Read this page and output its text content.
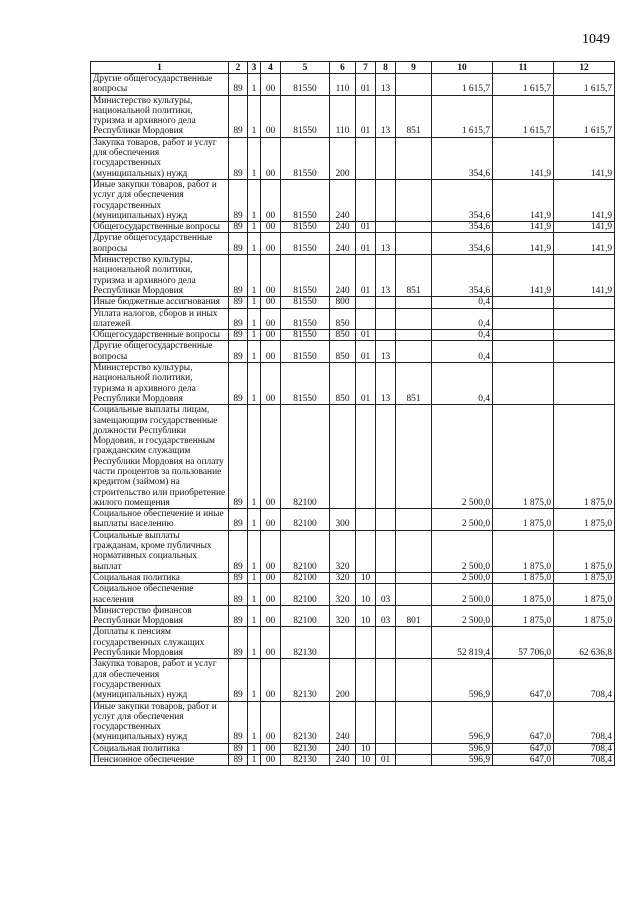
1049
1	2	3	4	5	6	7	8	9	10	11	12
Другие общегосударственные вопросы	89	1	00	81550	110	01	13		1 615,7	1 615,7	1 615,7
Министерство культуры, национальной политики, туризма и архивного дела Республики Мордовия	89	1	00	81550	110	01	13	851	1 615,7	1 615,7	1 615,7
Закупка товаров, работ и услуг для обеспечения государственных (муниципальных) нужд	89	1	00	81550	200				354,6	141,9	141,9
Иные закупки товаров, работ и услуг для обеспечения государственных (муниципальных) нужд	89	1	00	81550	240				354,6	141,9	141,9
Общегосударственные вопросы	89	1	00	81550	240	01			354,6	141,9	141,9
Другие общегосударственные вопросы	89	1	00	81550	240	01	13		354,6	141,9	141,9
Министерство культуры, национальной политики, туризма и архивного дела Республики Мордовия	89	1	00	81550	240	01	13	851	354,6	141,9	141,9
Иные бюджетные ассигнования	89	1	00	81550	800				0,4		
Уплата налогов, сборов и иных платежей	89	1	00	81550	850				0,4		
Общегосударственные вопросы	89	1	00	81550	850	01			0,4		
Другие общегосударственные вопросы	89	1	00	81550	850	01	13		0,4		
Министерство культуры, национальной политики, туризма и архивного дела Республики Мордовия	89	1	00	81550	850	01	13	851	0,4		
Социальные выплаты лицам, замещающим государственные должности Республики Мордовия, и государственным гражданским служащим Республики Мордовия на оплату части процентов за пользование кредитом (займом) на строительство или приобретение жилого помещения	89	1	00	82100					2 500,0	1 875,0	1 875,0
Социальное обеспечение и иные выплаты населению	89	1	00	82100	300				2 500,0	1 875,0	1 875,0
Социальные выплаты гражданам, кроме публичных нормативных социальных выплат	89	1	00	82100	320				2 500,0	1 875,0	1 875,0
Социальная политика	89	1	00	82100	320	10			2 500,0	1 875,0	1 875,0
Социальное обеспечение населения	89	1	00	82100	320	10	03		2 500,0	1 875,0	1 875,0
Министерство финансов Республики Мордовия	89	1	00	82100	320	10	03	801	2 500,0	1 875,0	1 875,0
Доплаты к пенсиям государственных служащих Республики Мордовия	89	1	00	82130					52 819,4	57 706,0	62 636,8
Закупка товаров, работ и услуг для обеспечения государственных (муниципальных) нужд	89	1	00	82130	200				596,9	647,0	708,4
Иные закупки товаров, работ и услуг для обеспечения государственных (муниципальных) нужд	89	1	00	82130	240				596,9	647,0	708,4
Социальная политика	89	1	00	82130	240	10			596,9	647,0	708,4
Пенсионное обеспечение	89	1	00	82130	240	10	01		596,9	647,0	708,4
